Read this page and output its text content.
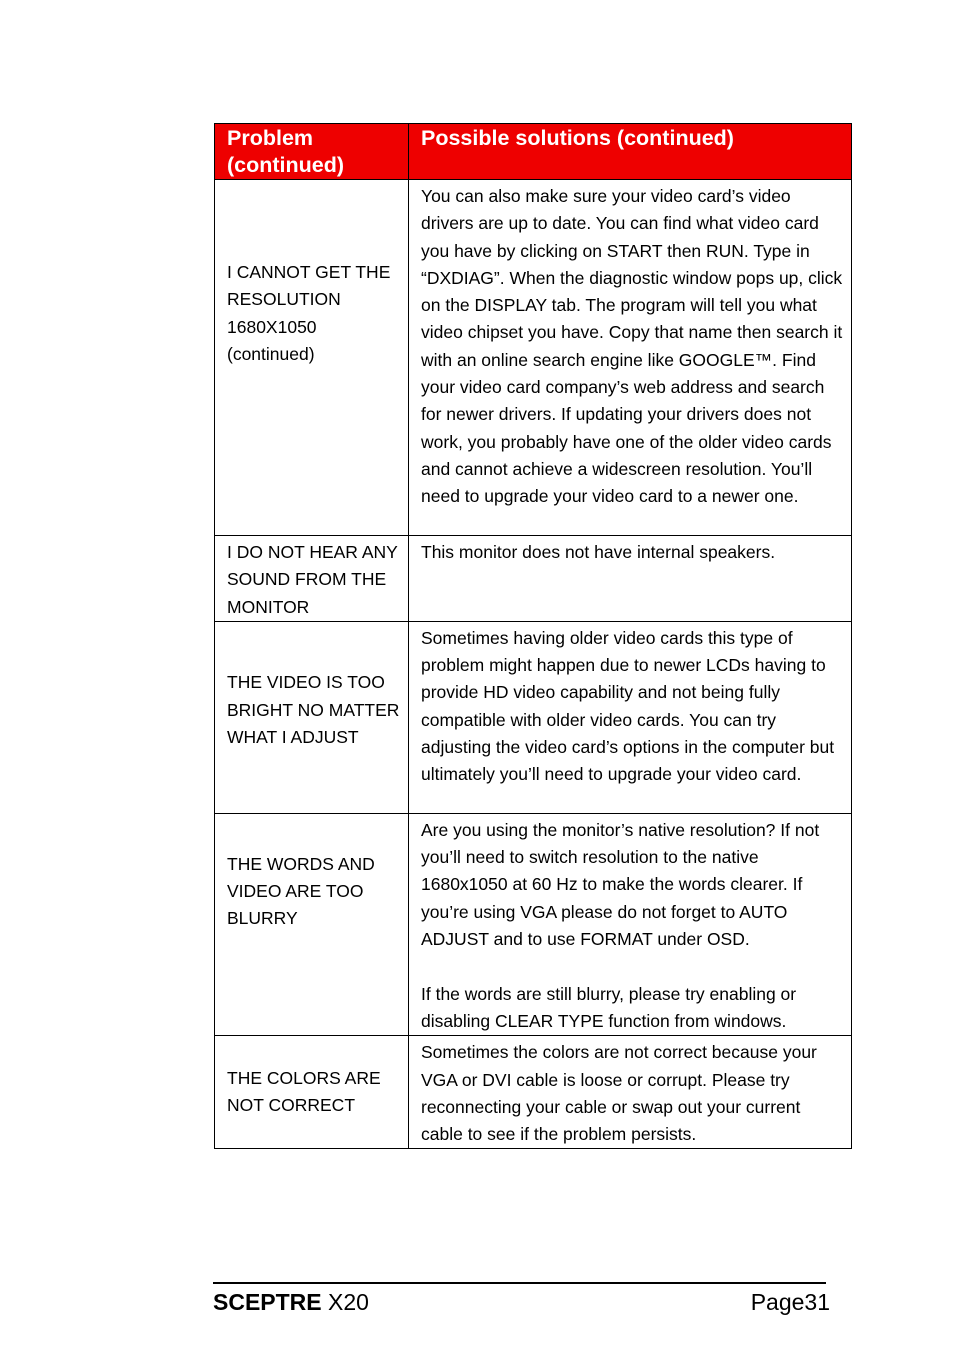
Problem (continued)	Possible solutions (continued)

I CANNOT GET THE RESOLUTION 1680X1050 (continued)	You can also make sure your video card’s video drivers are up to date. You can find what video card you have by clicking on START then RUN. Type in “DXDIAG”. When the diagnostic window pops up, click on the DISPLAY tab. The program will tell you what video chipset you have. Copy that name then search it with an online search engine like GOOGLE™. Find your video card company’s web address and search for newer drivers. If updating your drivers does not work, you probably have one of the older video cards and cannot achieve a widescreen resolution. You’ll need to upgrade your video card to a newer one.
I DO NOT HEAR ANY SOUND FROM THE MONITOR	This monitor does not have internal speakers.

THE VIDEO IS TOO BRIGHT NO MATTER WHAT I ADJUST	Sometimes having older video cards this type of problem might happen due to newer LCDs having to provide HD video capability and not being fully compatible with older video cards. You can try adjusting the video card’s options in the computer but ultimately you’ll need to upgrade your video card.

THE WORDS AND VIDEO ARE TOO BLURRY	Are you using the monitor’s native resolution? If not you’ll need to switch resolution to the native 1680x1050 at 60 Hz to make the words clearer. If you’re using VGA please do not forget to AUTO ADJUST and to use FORMAT under OSD.
If the words are still blurry, please try enabling or disabling CLEAR TYPE function from windows.

THE COLORS ARE NOT CORRECT	Sometimes the colors are not correct because your VGA or DVI cable is loose or corrupt. Please try reconnecting your cable or swap out your current cable to see if the problem persists.
SCEPTRE X20	Page31
